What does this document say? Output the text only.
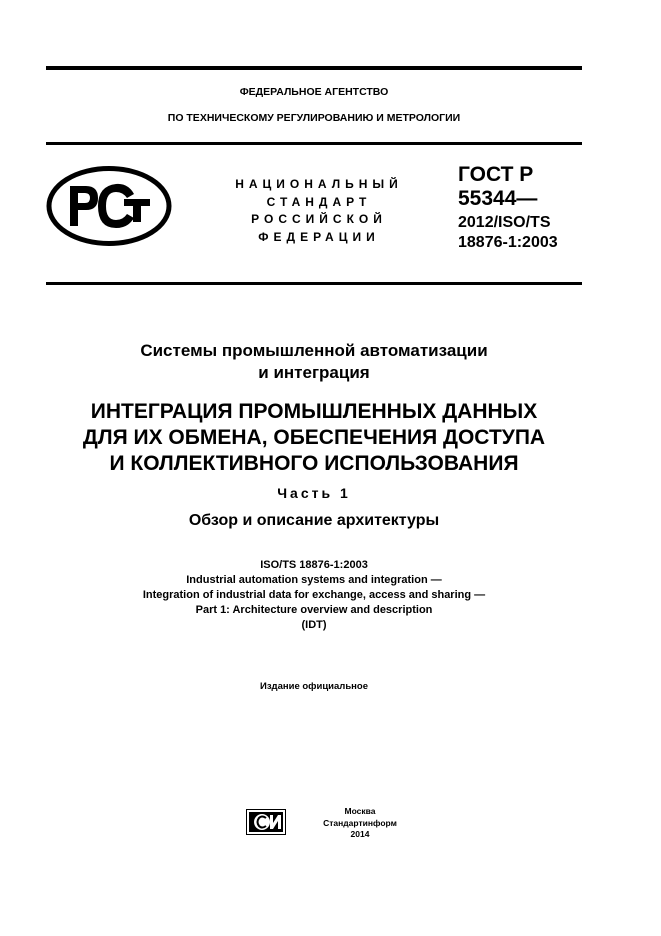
ФЕДЕРАЛЬНОЕ АГЕНТСТВО
ПО ТЕХНИЧЕСКОМУ РЕГУЛИРОВАНИЮ И МЕТРОЛОГИИ
НАЦИОНАЛЬНЫЙ
СТАНДАРТ
РОССИЙСКОЙ
ФЕДЕРАЦИИ
ГОСТ Р
55344—
2012/ISO/TS
18876-1:2003
Системы промышленной автоматизации
и интеграция
ИНТЕГРАЦИЯ ПРОМЫШЛЕННЫХ ДАННЫХ
ДЛЯ ИХ ОБМЕНА, ОБЕСПЕЧЕНИЯ ДОСТУПА
И КОЛЛЕКТИВНОГО ИСПОЛЬЗОВАНИЯ
Часть 1
Обзор и описание архитектуры
ISO/TS 18876-1:2003
Industrial automation systems and integration —
Integration of industrial data for exchange, access and sharing —
Part 1: Architecture overview and description
(IDT)
Издание официальное
Москва
Стандартинформ
2014
